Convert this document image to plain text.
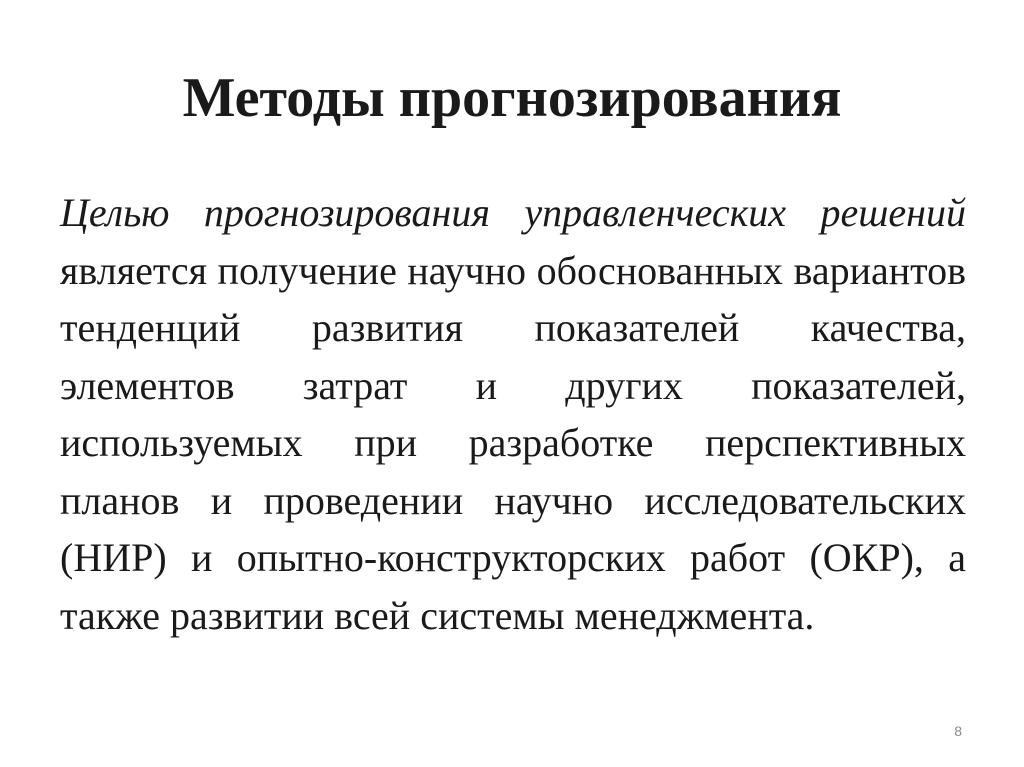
Методы прогнозирования

Целью прогнозирования управленческих решений является получение научно обоснованных вариантов тенденций развития показателей качества, элементов затрат и других показателей, используемых при разработке перспективных планов и проведении научно исследовательских (НИР) и опытно-конструкторских работ (ОКР), а также развитии всей системы менеджмента.

8
